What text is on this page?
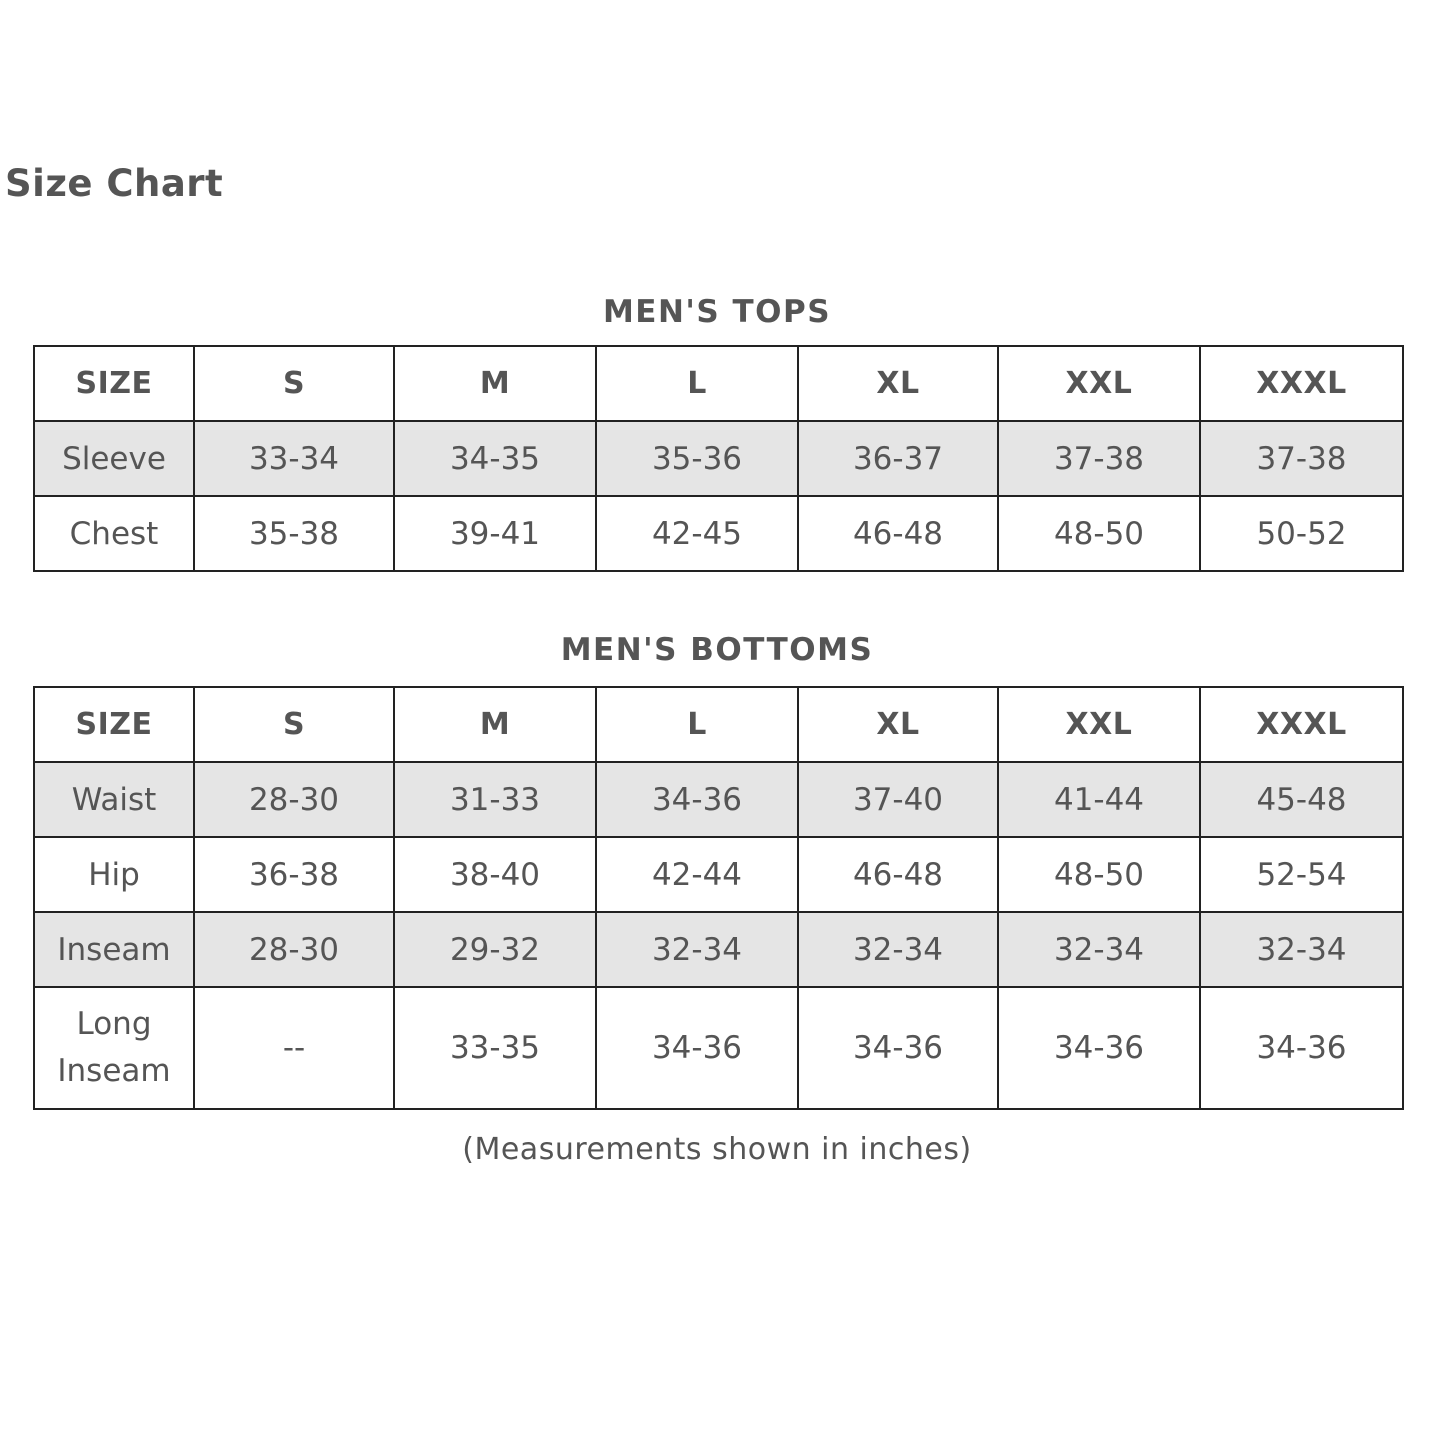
Size Chart
MEN'S TOPS
SIZE	S	M	L	XL	XXL	XXXL
Sleeve	33-34	34-35	35-36	36-37	37-38	37-38
Chest	35-38	39-41	42-45	46-48	48-50	50-52
MEN'S BOTTOMS
SIZE	S	M	L	XL	XXL	XXXL
Waist	28-30	31-33	34-36	37-40	41-44	45-48
Hip	36-38	38-40	42-44	46-48	48-50	52-54
Inseam	28-30	29-32	32-34	32-34	32-34	32-34

Long
Inseam	--	33-35	34-36	34-36	34-36	34-36

(Measurements shown in inches)
